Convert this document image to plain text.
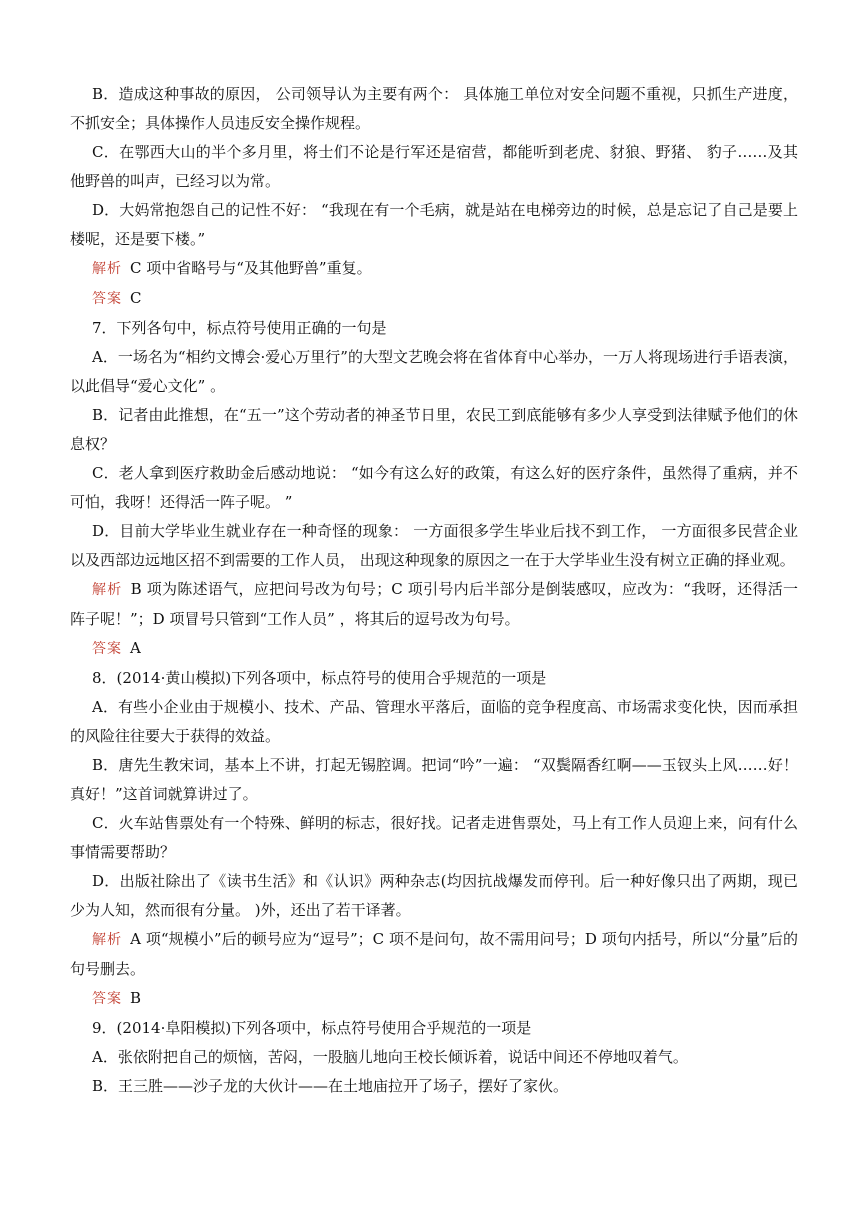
B．造成这种事故的原因， 公司领导认为主要有两个： 具体施工单位对安全问题不重视，只抓生产进度，不抓安全；具体操作人员违反安全操作规程。

C．在鄂西大山的半个多月里，将士们不论是行军还是宿营，都能听到老虎、豺狼、野猪、 豹子……及其他野兽的叫声，已经习以为常。

D．大妈常抱怨自己的记性不好： “我现在有一个毛病，就是站在电梯旁边的时候，总是忘记了自己是要上楼呢，还是要下楼。”

解析 C 项中省略号与“及其他野兽”重复。

答案 C

7．下列各句中，标点符号使用正确的一句是

A．一场名为“相约文博会·爱心万里行”的大型文艺晚会将在省体育中心举办，一万人将现场进行手语表演，以此倡导“爱心文化” 。

B．记者由此推想，在“五一”这个劳动者的神圣节日里，农民工到底能够有多少人享受到法律赋予他们的休息权？

C．老人拿到医疗救助金后感动地说： “如今有这么好的政策，有这么好的医疗条件，虽然得了重病，并不可怕，我呀！还得活一阵子呢。 ”

D．目前大学毕业生就业存在一种奇怪的现象： 一方面很多学生毕业后找不到工作， 一方面很多民营企业以及西部边远地区招不到需要的工作人员， 出现这种现象的原因之一在于大学毕业生没有树立正确的择业观。

解析 B 项为陈述语气，应把问号改为句号；C 项引号内后半部分是倒装感叹，应改为：“我呀，还得活一阵子呢！”；D 项冒号只管到“工作人员” ，将其后的逗号改为句号。

答案 A

8．(2014·黄山模拟)下列各项中，标点符号的使用合乎规范的一项是

A．有些小企业由于规模小、技术、产品、管理水平落后，面临的竞争程度高、市场需求变化快，因而承担的风险往往要大于获得的效益。

B．唐先生教宋词，基本上不讲，打起无锡腔调。把词“吟”一遍： “双鬓隔香红啊——玉钗头上风……好！真好！”这首词就算讲过了。

C．火车站售票处有一个特殊、鲜明的标志，很好找。记者走进售票处，马上有工作人员迎上来，问有什么事情需要帮助？

D．出版社除出了《读书生活》和《认识》两种杂志(均因抗战爆发而停刊。后一种好像只出了两期，现已少为人知，然而很有分量。 )外，还出了若干译著。

解析 A 项“规模小”后的顿号应为“逗号”；C 项不是问句，故不需用问号；D 项句内括号，所以“分量”后的句号删去。

答案 B

9．(2014·阜阳模拟)下列各项中，标点符号使用合乎规范的一项是

A．张依附把自己的烦恼，苦闷，一股脑儿地向王校长倾诉着，说话中间还不停地叹着气。

B．王三胜——沙子龙的大伙计——在土地庙拉开了场子，摆好了家伙。
